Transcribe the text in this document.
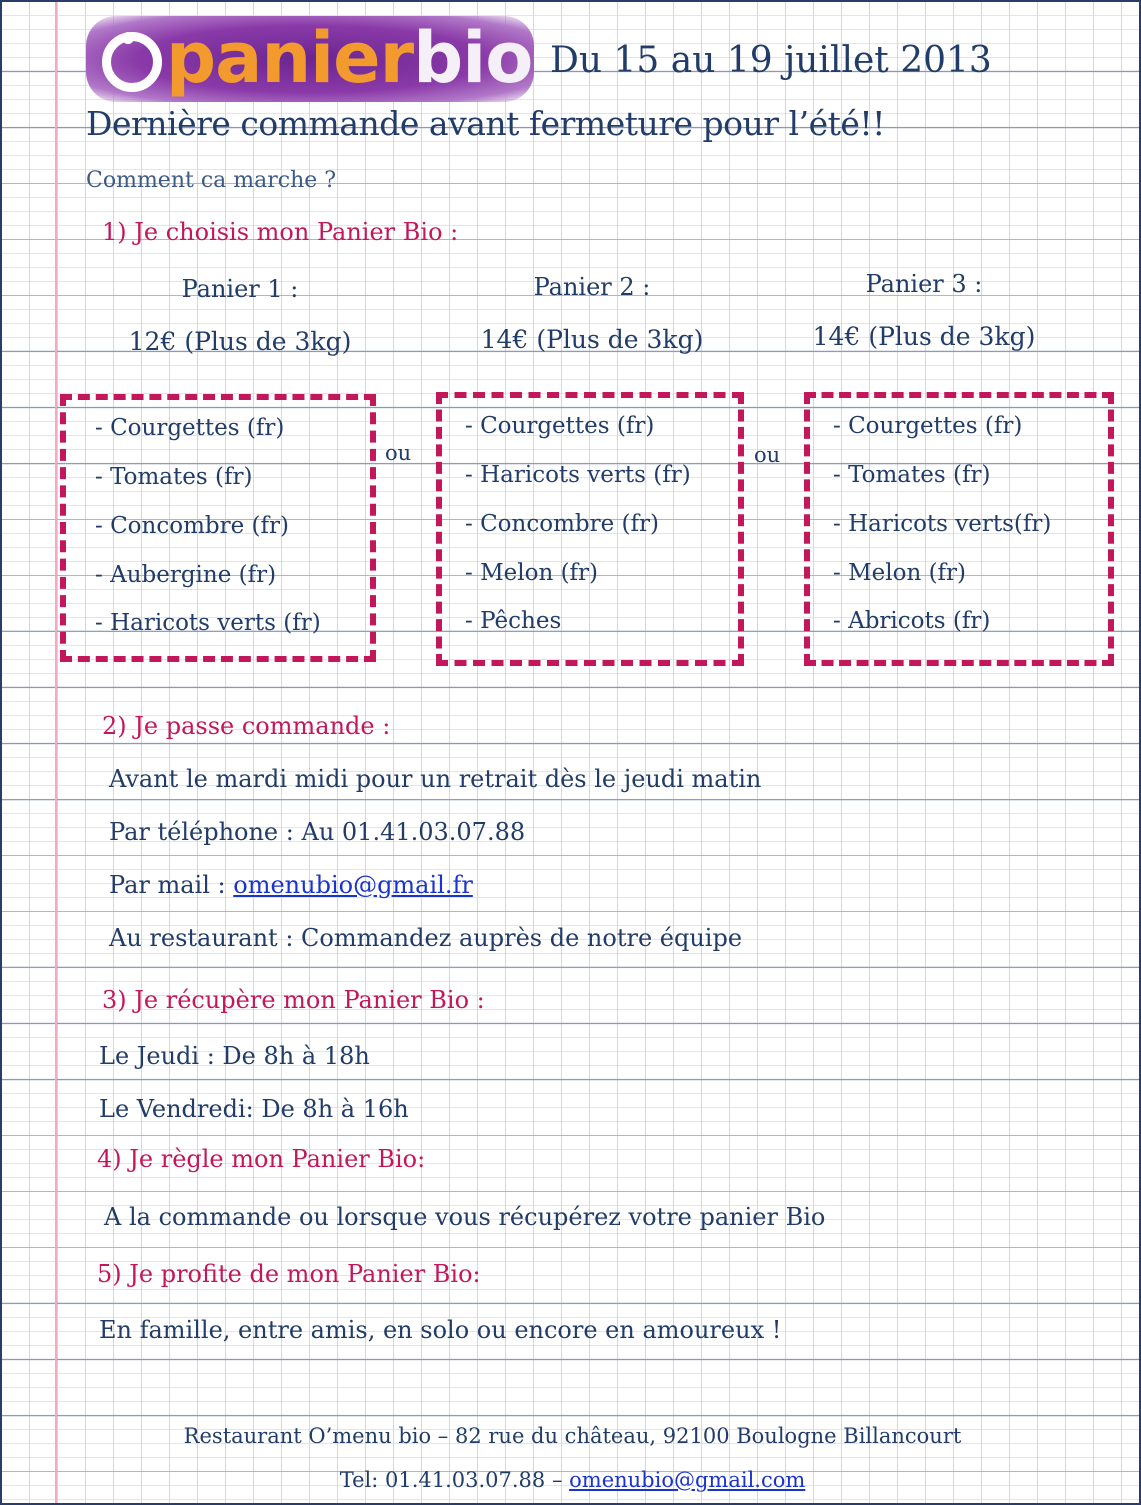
panierbio Du 15 au 19 juillet 2013
Dernière commande avant fermeture pour l’été!!
Comment ca marche ?
1) Je choisis mon Panier Bio :
Panier 1 :
12€ (Plus de 3kg)
Panier 2 :
14€ (Plus de 3kg)
Panier 3 :
14€ (Plus de 3kg)
- Courgettes (fr)
- Tomates (fr)
- Concombre (fr)
- Aubergine (fr)
- Haricots verts (fr)
ou
- Courgettes (fr)
- Haricots verts (fr)
- Concombre (fr)
- Melon (fr)
- Pêches
ou
- Courgettes (fr)
- Tomates (fr)
- Haricots verts(fr)
- Melon (fr)
- Abricots (fr)
2) Je passe commande :
Avant le mardi midi pour un retrait dès le jeudi matin
Par téléphone : Au 01.41.03.07.88
Par mail : omenubio@gmail.fr
Au restaurant : Commandez auprès de notre équipe
3) Je récupère mon Panier Bio :
Le Jeudi : De 8h à 18h
Le Vendredi: De 8h à 16h
4) Je règle mon Panier Bio:
A la commande ou lorsque vous récupérez votre panier Bio
5) Je profite de mon Panier Bio:
En famille, entre amis, en solo ou encore en amoureux !
Restaurant O’menu bio – 82 rue du château, 92100 Boulogne Billancourt
Tel: 01.41.03.07.88 – omenubio@gmail.com
